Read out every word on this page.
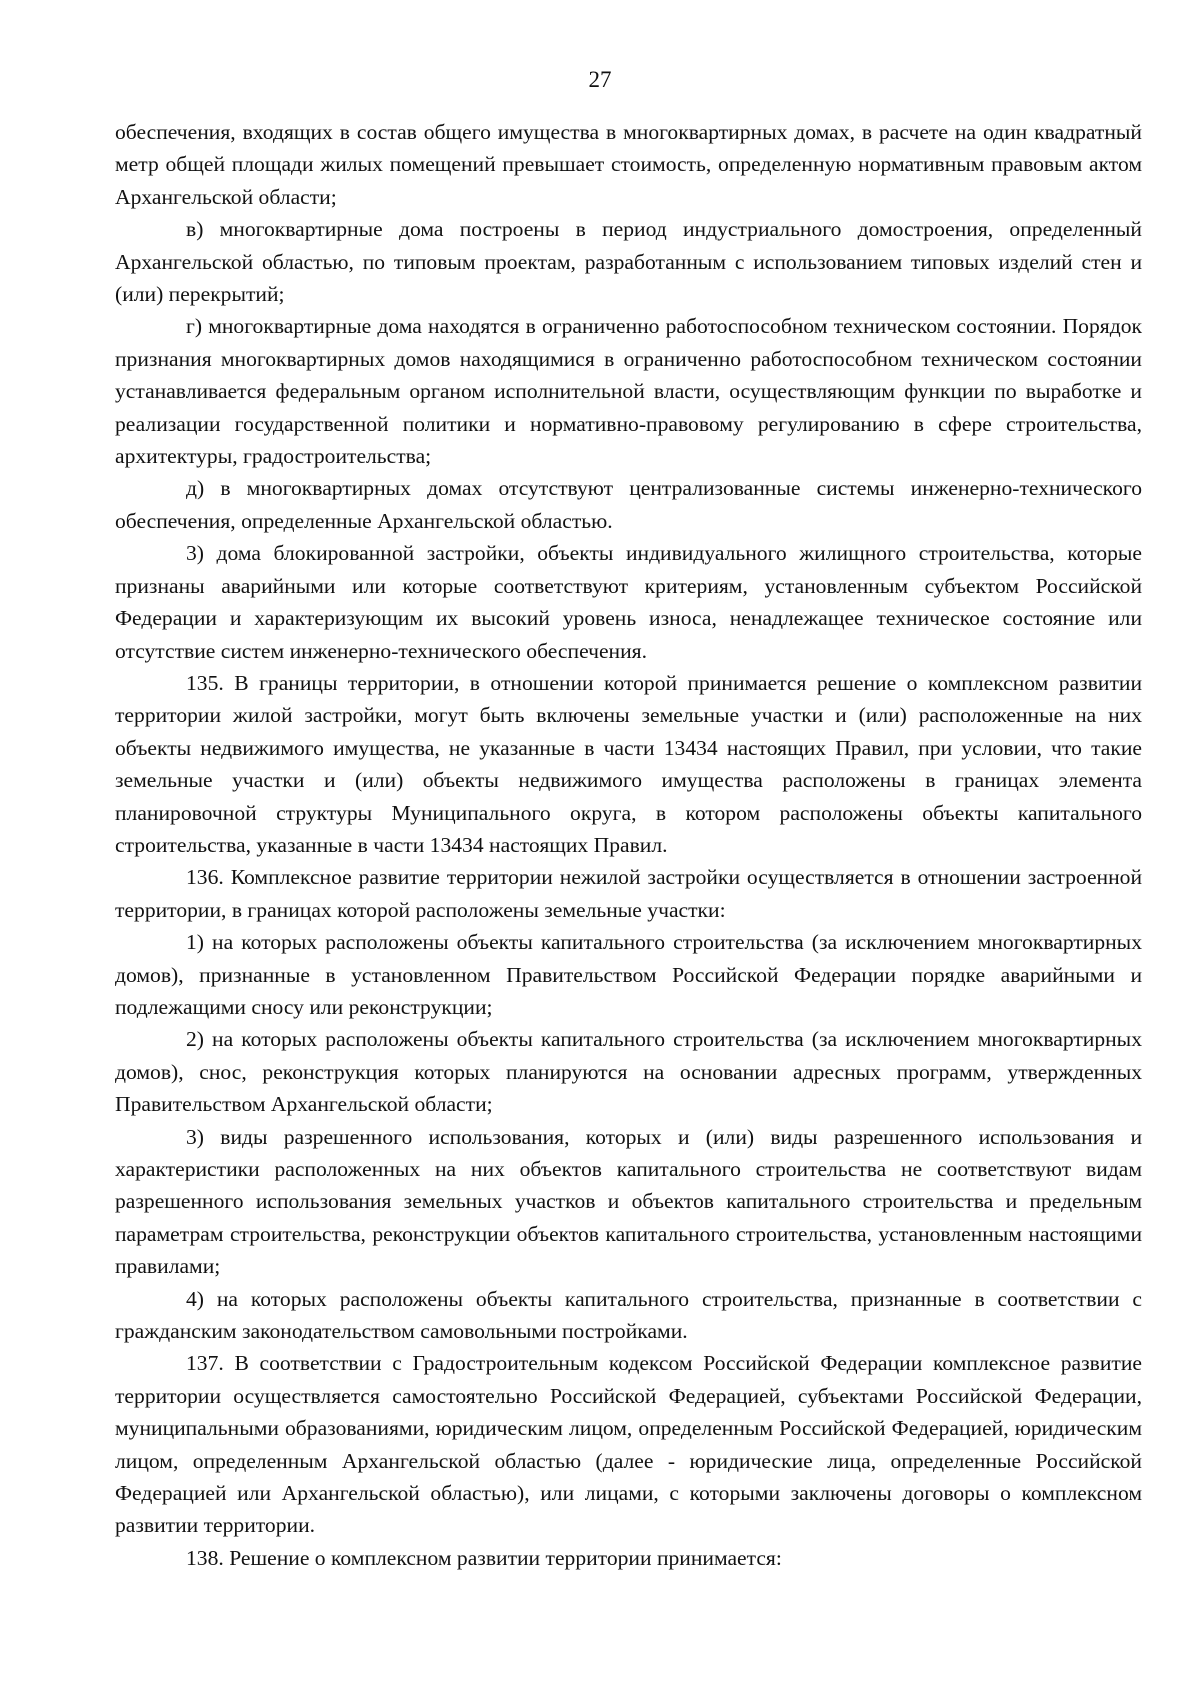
27

обеспечения, входящих в состав общего имущества в многоквартирных домах, в расчете на один квадратный метр общей площади жилых помещений превышает стоимость, определенную нормативным правовым актом Архангельской области;

в) многоквартирные дома построены в период индустриального домостроения, определенный Архангельской областью, по типовым проектам, разработанным с использованием типовых изделий стен и (или) перекрытий;

г) многоквартирные дома находятся в ограниченно работоспособном техническом состоянии. Порядок признания многоквартирных домов находящимися в ограниченно работоспособном техническом состоянии устанавливается федеральным органом исполнительной власти, осуществляющим функции по выработке и реализации государственной политики и нормативно-правовому регулированию в сфере строительства, архитектуры, градостроительства;

д) в многоквартирных домах отсутствуют централизованные системы инженерно-технического обеспечения, определенные Архангельской областью.

3) дома блокированной застройки, объекты индивидуального жилищного строительства, которые признаны аварийными или которые соответствуют критериям, установленным субъектом Российской Федерации и характеризующим их высокий уровень износа, ненадлежащее техническое состояние или отсутствие систем инженерно-технического обеспечения.

135. В границы территории, в отношении которой принимается решение о комплексном развитии территории жилой застройки, могут быть включены земельные участки и (или) расположенные на них объекты недвижимого имущества, не указанные в части 13434 настоящих Правил, при условии, что такие земельные участки и (или) объекты недвижимого имущества расположены в границах элемента планировочной структуры Муниципального округа, в котором расположены объекты капитального строительства, указанные в части 13434 настоящих Правил.

136. Комплексное развитие территории нежилой застройки осуществляется в отношении застроенной территории, в границах которой расположены земельные участки:

1) на которых расположены объекты капитального строительства (за исключением многоквартирных домов), признанные в установленном Правительством Российской Федерации порядке аварийными и подлежащими сносу или реконструкции;

2) на которых расположены объекты капитального строительства (за исключением многоквартирных домов), снос, реконструкция которых планируются на основании адресных программ, утвержденных Правительством Архангельской области;

3) виды разрешенного использования, которых и (или) виды разрешенного использования и характеристики расположенных на них объектов капитального строительства не соответствуют видам разрешенного использования земельных участков и объектов капитального строительства и предельным параметрам строительства, реконструкции объектов капитального строительства, установленным настоящими правилами;

4) на которых расположены объекты капитального строительства, признанные в соответствии с гражданским законодательством самовольными постройками.

137. В соответствии с Градостроительным кодексом Российской Федерации комплексное развитие территории осуществляется самостоятельно Российской Федерацией, субъектами Российской Федерации, муниципальными образованиями, юридическим лицом, определенным Российской Федерацией, юридическим лицом, определенным Архангельской областью (далее - юридические лица, определенные Российской Федерацией или Архангельской областью), или лицами, с которыми заключены договоры о комплексном развитии территории.

138. Решение о комплексном развитии территории принимается:
